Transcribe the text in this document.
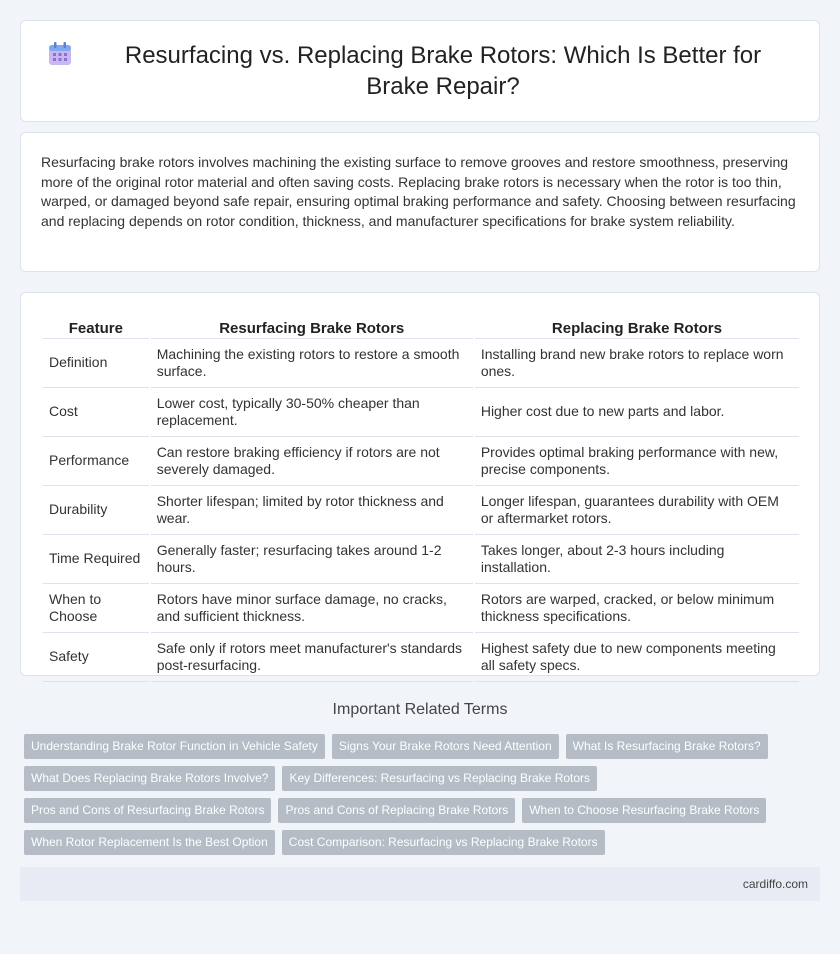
Resurfacing vs. Replacing Brake Rotors: Which Is Better for Brake Repair?

Resurfacing brake rotors involves machining the existing surface to remove grooves and restore smoothness, preserving more of the original rotor material and often saving costs. Replacing brake rotors is necessary when the rotor is too thin, warped, or damaged beyond safe repair, ensuring optimal braking performance and safety. Choosing between resurfacing and replacing depends on rotor condition, thickness, and manufacturer specifications for brake system reliability.

Feature	Resurfacing Brake Rotors	Replacing Brake Rotors
Definition	Machining the existing rotors to restore a smooth surface.	Installing brand new brake rotors to replace worn ones.
Cost	Lower cost, typically 30-50% cheaper than replacement.	Higher cost due to new parts and labor.
Performance	Can restore braking efficiency if rotors are not severely damaged.	Provides optimal braking performance with new, precise components.
Durability	Shorter lifespan; limited by rotor thickness and wear.	Longer lifespan, guarantees durability with OEM or aftermarket rotors.
Time Required	Generally faster; resurfacing takes around 1-2 hours.	Takes longer, about 2-3 hours including installation.
When to Choose	Rotors have minor surface damage, no cracks, and sufficient thickness.	Rotors are warped, cracked, or below minimum thickness specifications.
Safety	Safe only if rotors meet manufacturer's standards post-resurfacing.	Highest safety due to new components meeting all safety specs.
Important Related Terms
Understanding Brake Rotor Function in Vehicle Safety	Signs Your Brake Rotors Need Attention	What Is Resurfacing Brake Rotors?
What Does Replacing Brake Rotors Involve?	Key Differences: Resurfacing vs Replacing Brake Rotors
Pros and Cons of Resurfacing Brake Rotors	Pros and Cons of Replacing Brake Rotors	When to Choose Resurfacing Brake Rotors
When Rotor Replacement Is the Best Option	Cost Comparison: Resurfacing vs Replacing Brake Rotors
cardiffo.com
